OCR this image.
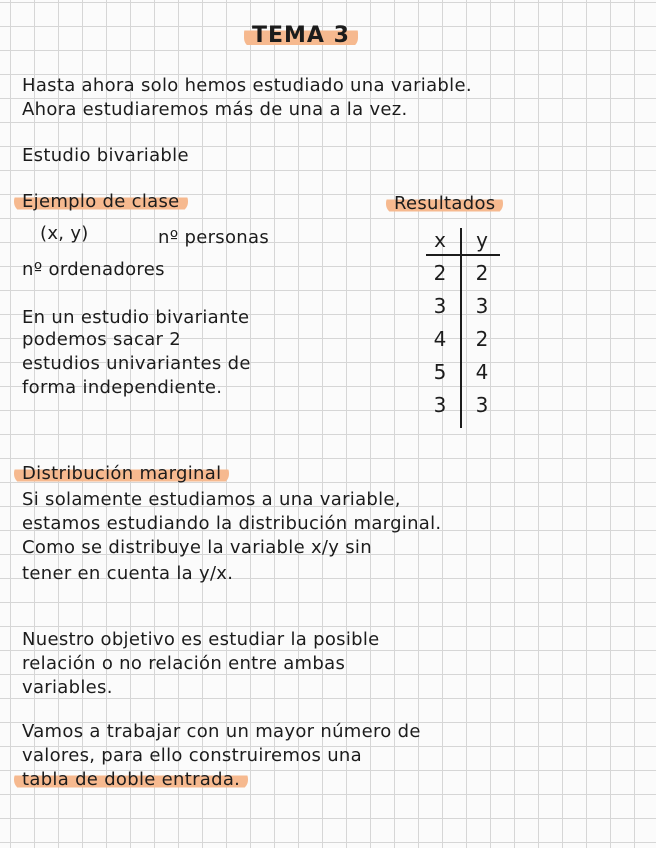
TEMA 3
Hasta ahora solo hemos estudiado una variable.
Ahora estudiaremos más de una a la vez.
Estudio bivariable
Ejemplo de clase
(x, y)	nº personas
nº ordenadores
En un estudio bivariante
podemos sacar 2
estudios univariantes de
forma independiente.
Resultados
x
2
3
4
5
3
y
2
3
2
4
3
Distribución marginal
Si solamente estudiamos a una variable,
estamos estudiando la distribución marginal.
Como se distribuye la variable x/y sin
tener en cuenta la y/x.
Nuestro objetivo es estudiar la posible
relación o no relación entre ambas
variables.
Vamos a trabajar con un mayor número de
valores, para ello construiremos una
tabla de doble entrada.
